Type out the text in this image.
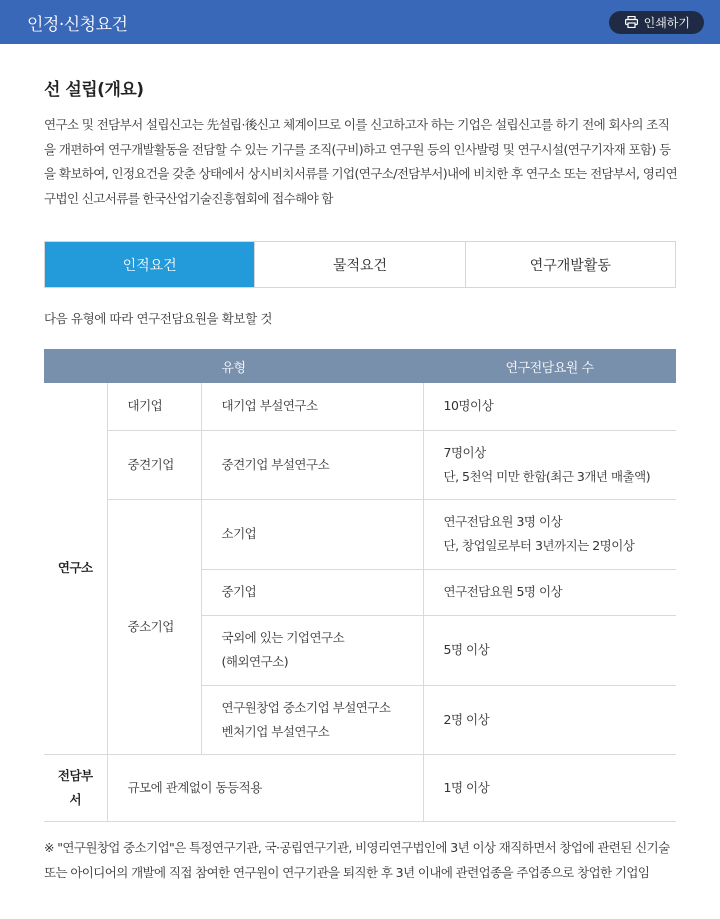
인정·신청요건	인쇄하기
선 설립(개요)

연구소 및 전담부서 설립신고는 先설립·後신고 체계이므로 이를 신고하고자 하는 기업은 설립신고를 하기 전에 회사의 조직을 개편하여 연구개발활동을 전담할 수 있는 기구를 조직(구비)하고 연구원 등의 인사발령 및 연구시설(연구기자재 포함) 등을 확보하여, 인정요건을 갖춘 상태에서 상시비치서류를 기업(연구소/전담부서)내에 비치한 후 연구소 또는 전담부서, 영리연구법인 신고서류를 한국산업기술진흥협회에 접수해야 함

인적요건	물적요건	연구개발활동

다음 유형에 따라 연구전담요원을 확보할 것

유형			연구전담요원 수
연구소	대기업	대기업 부설연구소	10명이상
	중견기업	중견기업 부설연구소	7명이상
단, 5천억 미만 한함(최근 3개년 매출액)

	중소기업	소기업	연구전담요원 3명 이상
단, 창업일로부터 3년까지는 2명이상

		중기업	연구전담요원 5명 이상

		국외에 있는 기업연구소
(해외연구소)	5명 이상

		연구원창업 중소기업 부설연구소
벤처기업 부설연구소	2명 이상

전담부
서	규모에 관계없이 동등적용		1명 이상

※ "연구원창업 중소기업"은 특정연구기관, 국·공립연구기관, 비영리연구법인에 3년 이상 재직하면서 창업에 관련된 신기술 또는 아이디어의 개발에 직접 참여한 연구원이 연구기관을 퇴직한 후 3년 이내에 관련업종을 주업종으로 창업한 기업임
